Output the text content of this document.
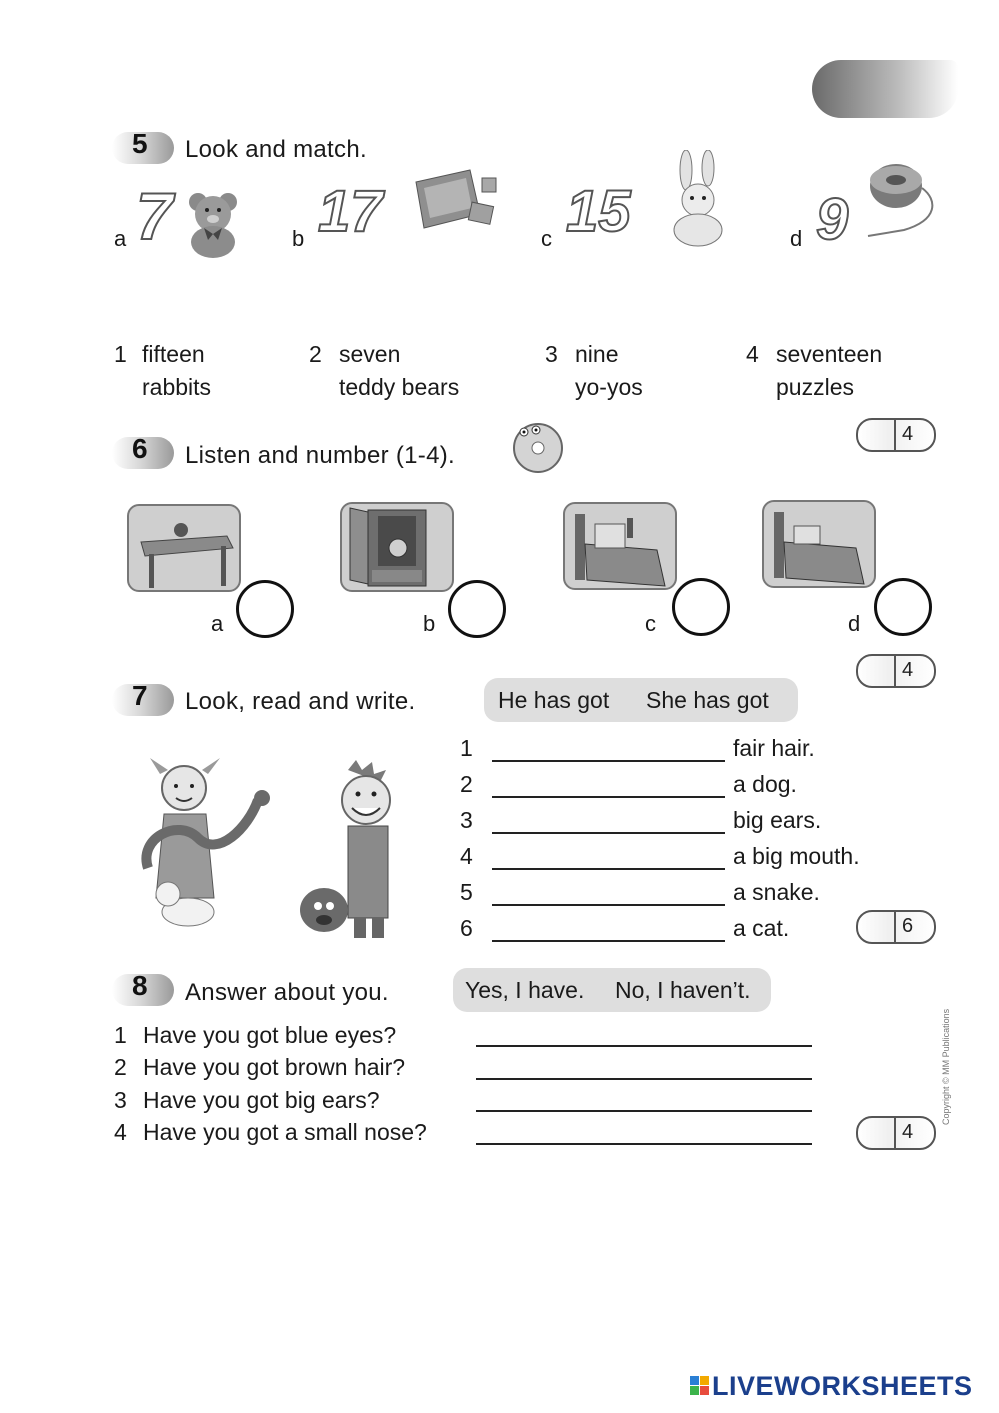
5 Look and match.
a 7	b 17	c 15	d 9
1 fifteen
rabbits
2 seven
teddy bears
3 nine
yo-yos
4 seventeen
puzzles
4
6 Listen and number (1-4).
a	b	c	d
4
7 Look, read and write.	He has got She has got
1	fair hair.
2	a dog.
3	big ears.
4	a big mouth.
5	a snake.
6	a cat.	6
8 Answer about you.	Yes, I have. No, I haven’t.
1 Have you got blue eyes?
2 Have you got brown hair?
3 Have you got big ears?
4 Have you got a small nose?	4
Copyright © MM Publications
LIVEWORKSHEETS
